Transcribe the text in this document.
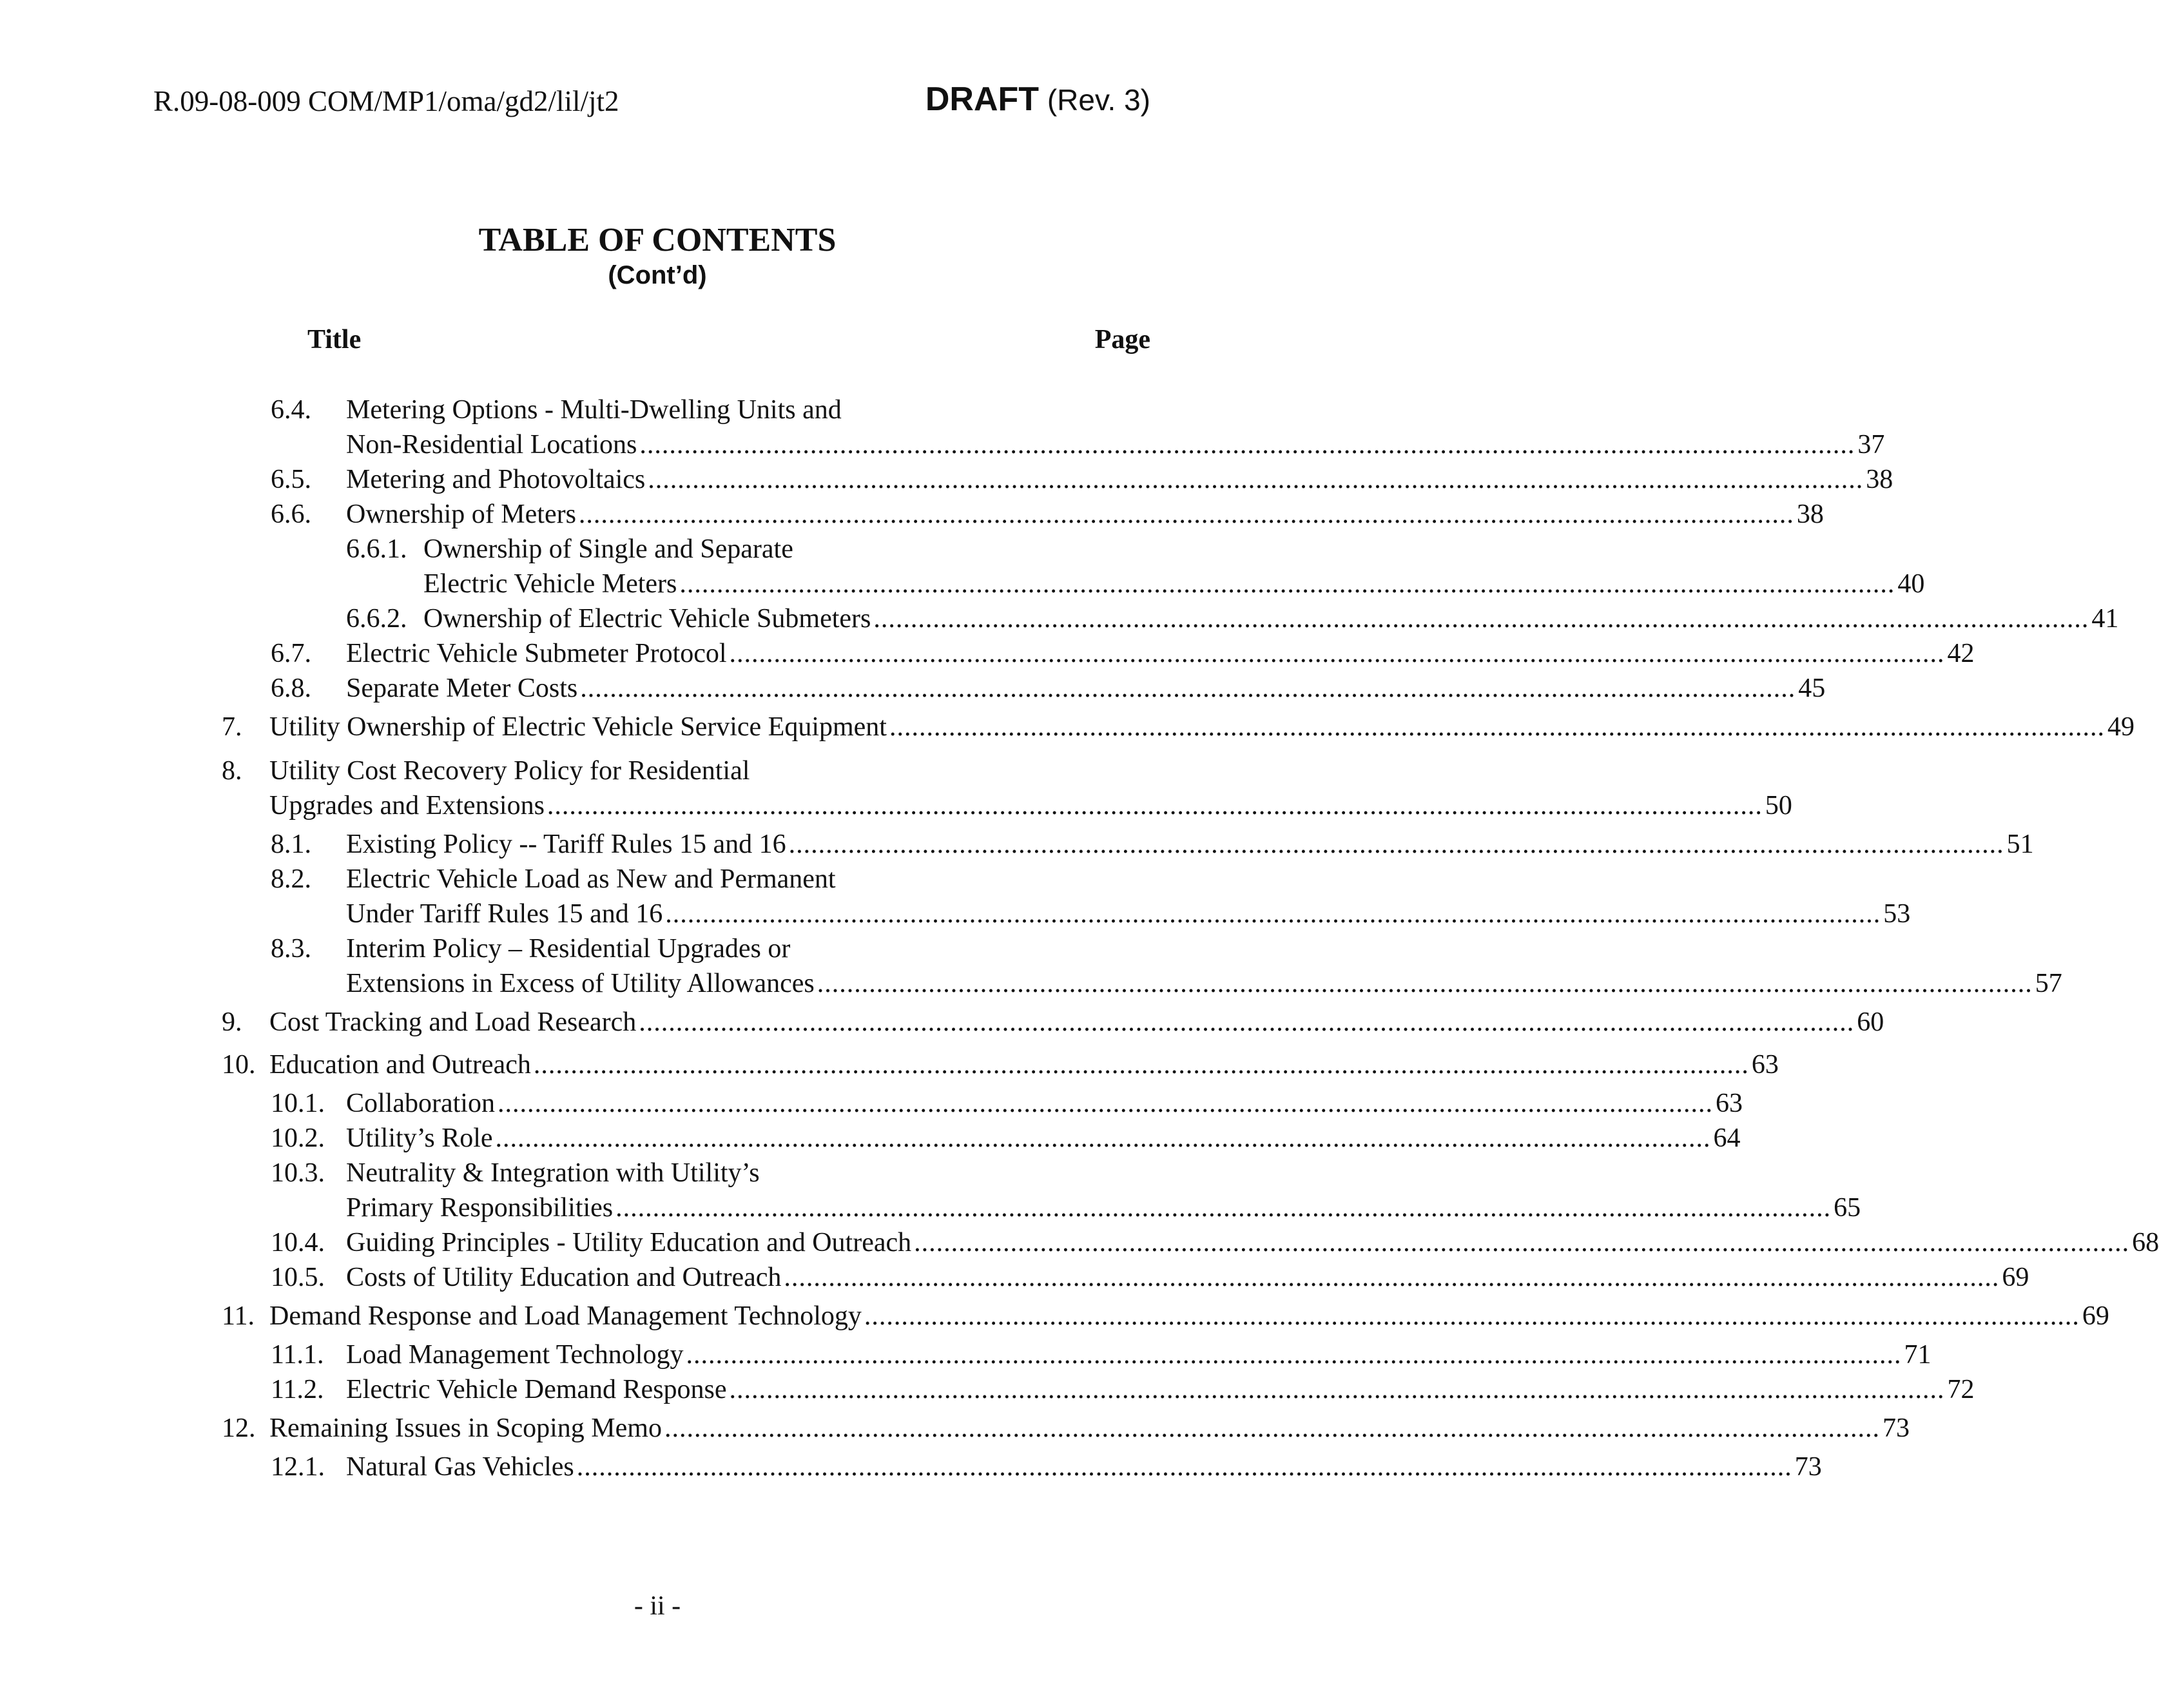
R.09-08-009 COM/MP1/oma/gd2/lil/jt2	DRAFT (Rev. 3)
TABLE OF CONTENTS
(Cont’d)
Title	Page
6.4. Metering Options - Multi-Dwelling Units and
Non-Residential Locations .................................................................................................................................................................... 37
6.5. Metering and Photovoltaics .................................................................................................................................................................... 38
6.6. Ownership of Meters .................................................................................................................................................................... 38
6.6.1. Ownership of Single and Separate
Electric Vehicle Meters .................................................................................................................................................................... 40
6.6.2. Ownership of Electric Vehicle Submeters .................................................................................................................................................................... 41
6.7. Electric Vehicle Submeter Protocol .................................................................................................................................................................... 42
6.8. Separate Meter Costs .................................................................................................................................................................... 45
7. Utility Ownership of Electric Vehicle Service Equipment .................................................................................................................................................................... 49
8. Utility Cost Recovery Policy for Residential
Upgrades and Extensions .................................................................................................................................................................... 50
8.1. Existing Policy -- Tariff Rules 15 and 16 .................................................................................................................................................................... 51
8.2. Electric Vehicle Load as New and Permanent
Under Tariff Rules 15 and 16 .................................................................................................................................................................... 53
8.3. Interim Policy – Residential Upgrades or
Extensions in Excess of Utility Allowances .................................................................................................................................................................... 57
9. Cost Tracking and Load Research .................................................................................................................................................................... 60
10. Education and Outreach .................................................................................................................................................................... 63
10.1. Collaboration .................................................................................................................................................................... 63
10.2. Utility’s Role .................................................................................................................................................................... 64
10.3. Neutrality & Integration with Utility’s
Primary Responsibilities .................................................................................................................................................................... 65
10.4. Guiding Principles - Utility Education and Outreach .................................................................................................................................................................... 68
10.5. Costs of Utility Education and Outreach .................................................................................................................................................................... 69
11. Demand Response and Load Management Technology .................................................................................................................................................................... 69
11.1. Load Management Technology .................................................................................................................................................................... 71
11.2. Electric Vehicle Demand Response .................................................................................................................................................................... 72
12. Remaining Issues in Scoping Memo .................................................................................................................................................................... 73
12.1. Natural Gas Vehicles .................................................................................................................................................................... 73
- ii -
